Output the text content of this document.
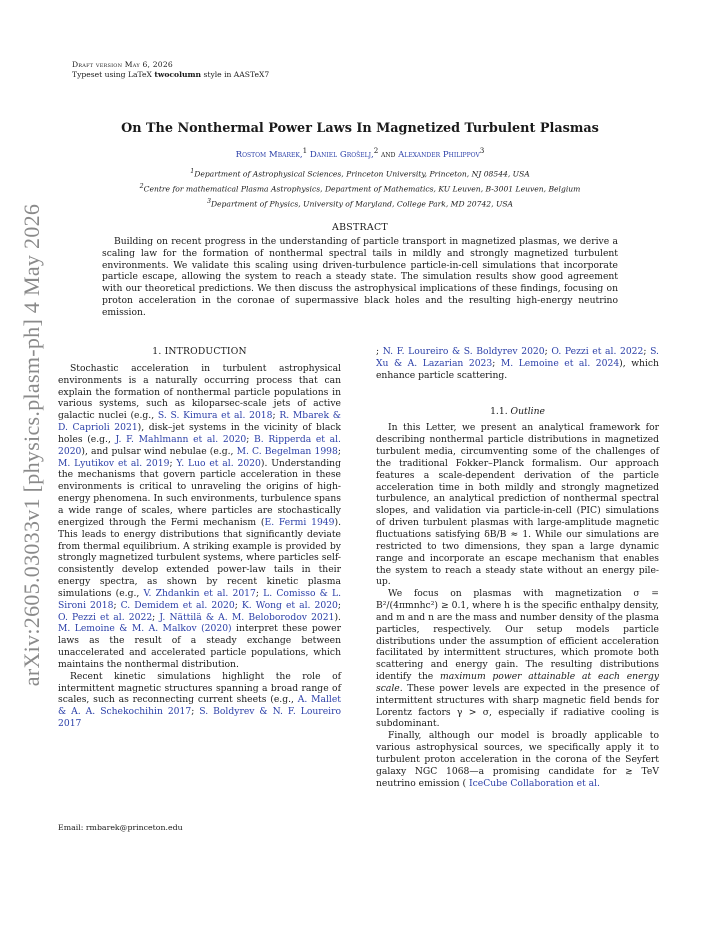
Draft version May 6, 2026
Typeset using LaTeX twocolumn style in AASTeX7
arXiv:2605.03033v1 [physics.plasm-ph] 4 May 2026
On The Nonthermal Power Laws In Magnetized Turbulent Plasmas
Rostom Mbarek,$^1$ Daniel Grošelj,$^2$ and Alexander Philippov$^3$
$^1$Department of Astrophysical Sciences, Princeton University, Princeton, NJ 08544, USA
$^2$Centre for mathematical Plasma Astrophysics, Department of Mathematics, KU Leuven, B-3001 Leuven, Belgium
$^3$Department of Physics, University of Maryland, College Park, MD 20742, USA
ABSTRACT

Building on recent progress in the understanding of particle transport in magnetized plasmas, we derive a scaling law for the formation of nonthermal spectral tails in mildly and strongly magnetized turbulent environments. We validate this scaling using driven-turbulence particle-in-cell simulations that incorporate particle escape, allowing the system to reach a steady state. The simulation results show good agreement with our theoretical predictions. We then discuss the astrophysical implications of these findings, focusing on proton acceleration in the coronae of supermassive black holes and the resulting high-energy neutrino emission.

1. INTRODUCTION

Stochastic acceleration in turbulent astrophysical environments is a naturally occurring process that can explain the formation of nonthermal particle populations in various systems, such as kiloparsec-scale jets of active galactic nuclei (e.g., S. S. Kimura et al. 2018; R. Mbarek & D. Caprioli 2021), disk–jet systems in the vicinity of black holes (e.g., J. F. Mahlmann et al. 2020; B. Ripperda et al. 2020), and pulsar wind nebulae (e.g., M. C. Begelman 1998; M. Lyutikov et al. 2019; Y. Luo et al. 2020). Understanding the mechanisms that govern particle acceleration in these environments is critical to unraveling the origins of high-energy phenomena. In such environments, turbulence spans a wide range of scales, where particles are stochastically energized through the Fermi mechanism (E. Fermi 1949). This leads to energy distributions that significantly deviate from thermal equilibrium. A striking example is provided by strongly magnetized turbulent systems, where particles self-consistently develop extended power-law tails in their energy spectra, as shown by recent kinetic plasma simulations (e.g., V. Zhdankin et al. 2017; L. Comisso & L. Sironi 2018; C. Demidem et al. 2020; K. Wong et al. 2020; O. Pezzi et al. 2022; J. Nättilä & A. M. Beloborodov 2021). M. Lemoine & M. A. Malkov (2020) interpret these power laws as the result of a steady exchange between unaccelerated and accelerated particle populations, which maintains the nonthermal distribution.

Recent kinetic simulations highlight the role of intermittent magnetic structures spanning a broad range of scales, such as reconnecting current sheets (e.g., A. Mallet & A. A. Schekochihin 2017; S. Boldyrev & N. F. Loureiro 2017

; N. F. Loureiro & S. Boldyrev 2020; O. Pezzi et al. 2022; S. Xu & A. Lazarian 2023; M. Lemoine et al. 2024), which enhance particle scattering.

1.1. Outline

In this Letter, we present an analytical framework for describing nonthermal particle distributions in magnetized turbulent media, circumventing some of the challenges of the traditional Fokker–Planck formalism. Our approach features a scale-dependent derivation of the particle acceleration time in both mildly and strongly magnetized turbulence, an analytical prediction of nonthermal spectral slopes, and validation via particle-in-cell (PIC) simulations of driven turbulent plasmas with large-amplitude magnetic fluctuations satisfying δB/B ≈ 1. While our simulations are restricted to two dimensions, they span a large dynamic range and incorporate an escape mechanism that enables the system to reach a steady state without an energy pile-up.

We focus on plasmas with magnetization σ = B²/(4πmnhc²) ≥ 0.1, where h is the specific enthalpy density, and m and n are the mass and number density of the plasma particles, respectively. Our setup models particle distributions under the assumption of efficient acceleration facilitated by intermittent structures, which promote both scattering and energy gain. The resulting distributions identify the maximum power attainable at each energy scale. These power levels are expected in the presence of intermittent structures with sharp magnetic field bends for Lorentz factors γ > σ, especially if radiative cooling is subdominant.

Finally, although our model is broadly applicable to various astrophysical sources, we specifically apply it to turbulent proton acceleration in the corona of the Seyfert galaxy NGC 1068—a promising candidate for ≳ TeV neutrino emission ( IceCube Collaboration et al.

Email: rmbarek@princeton.edu
